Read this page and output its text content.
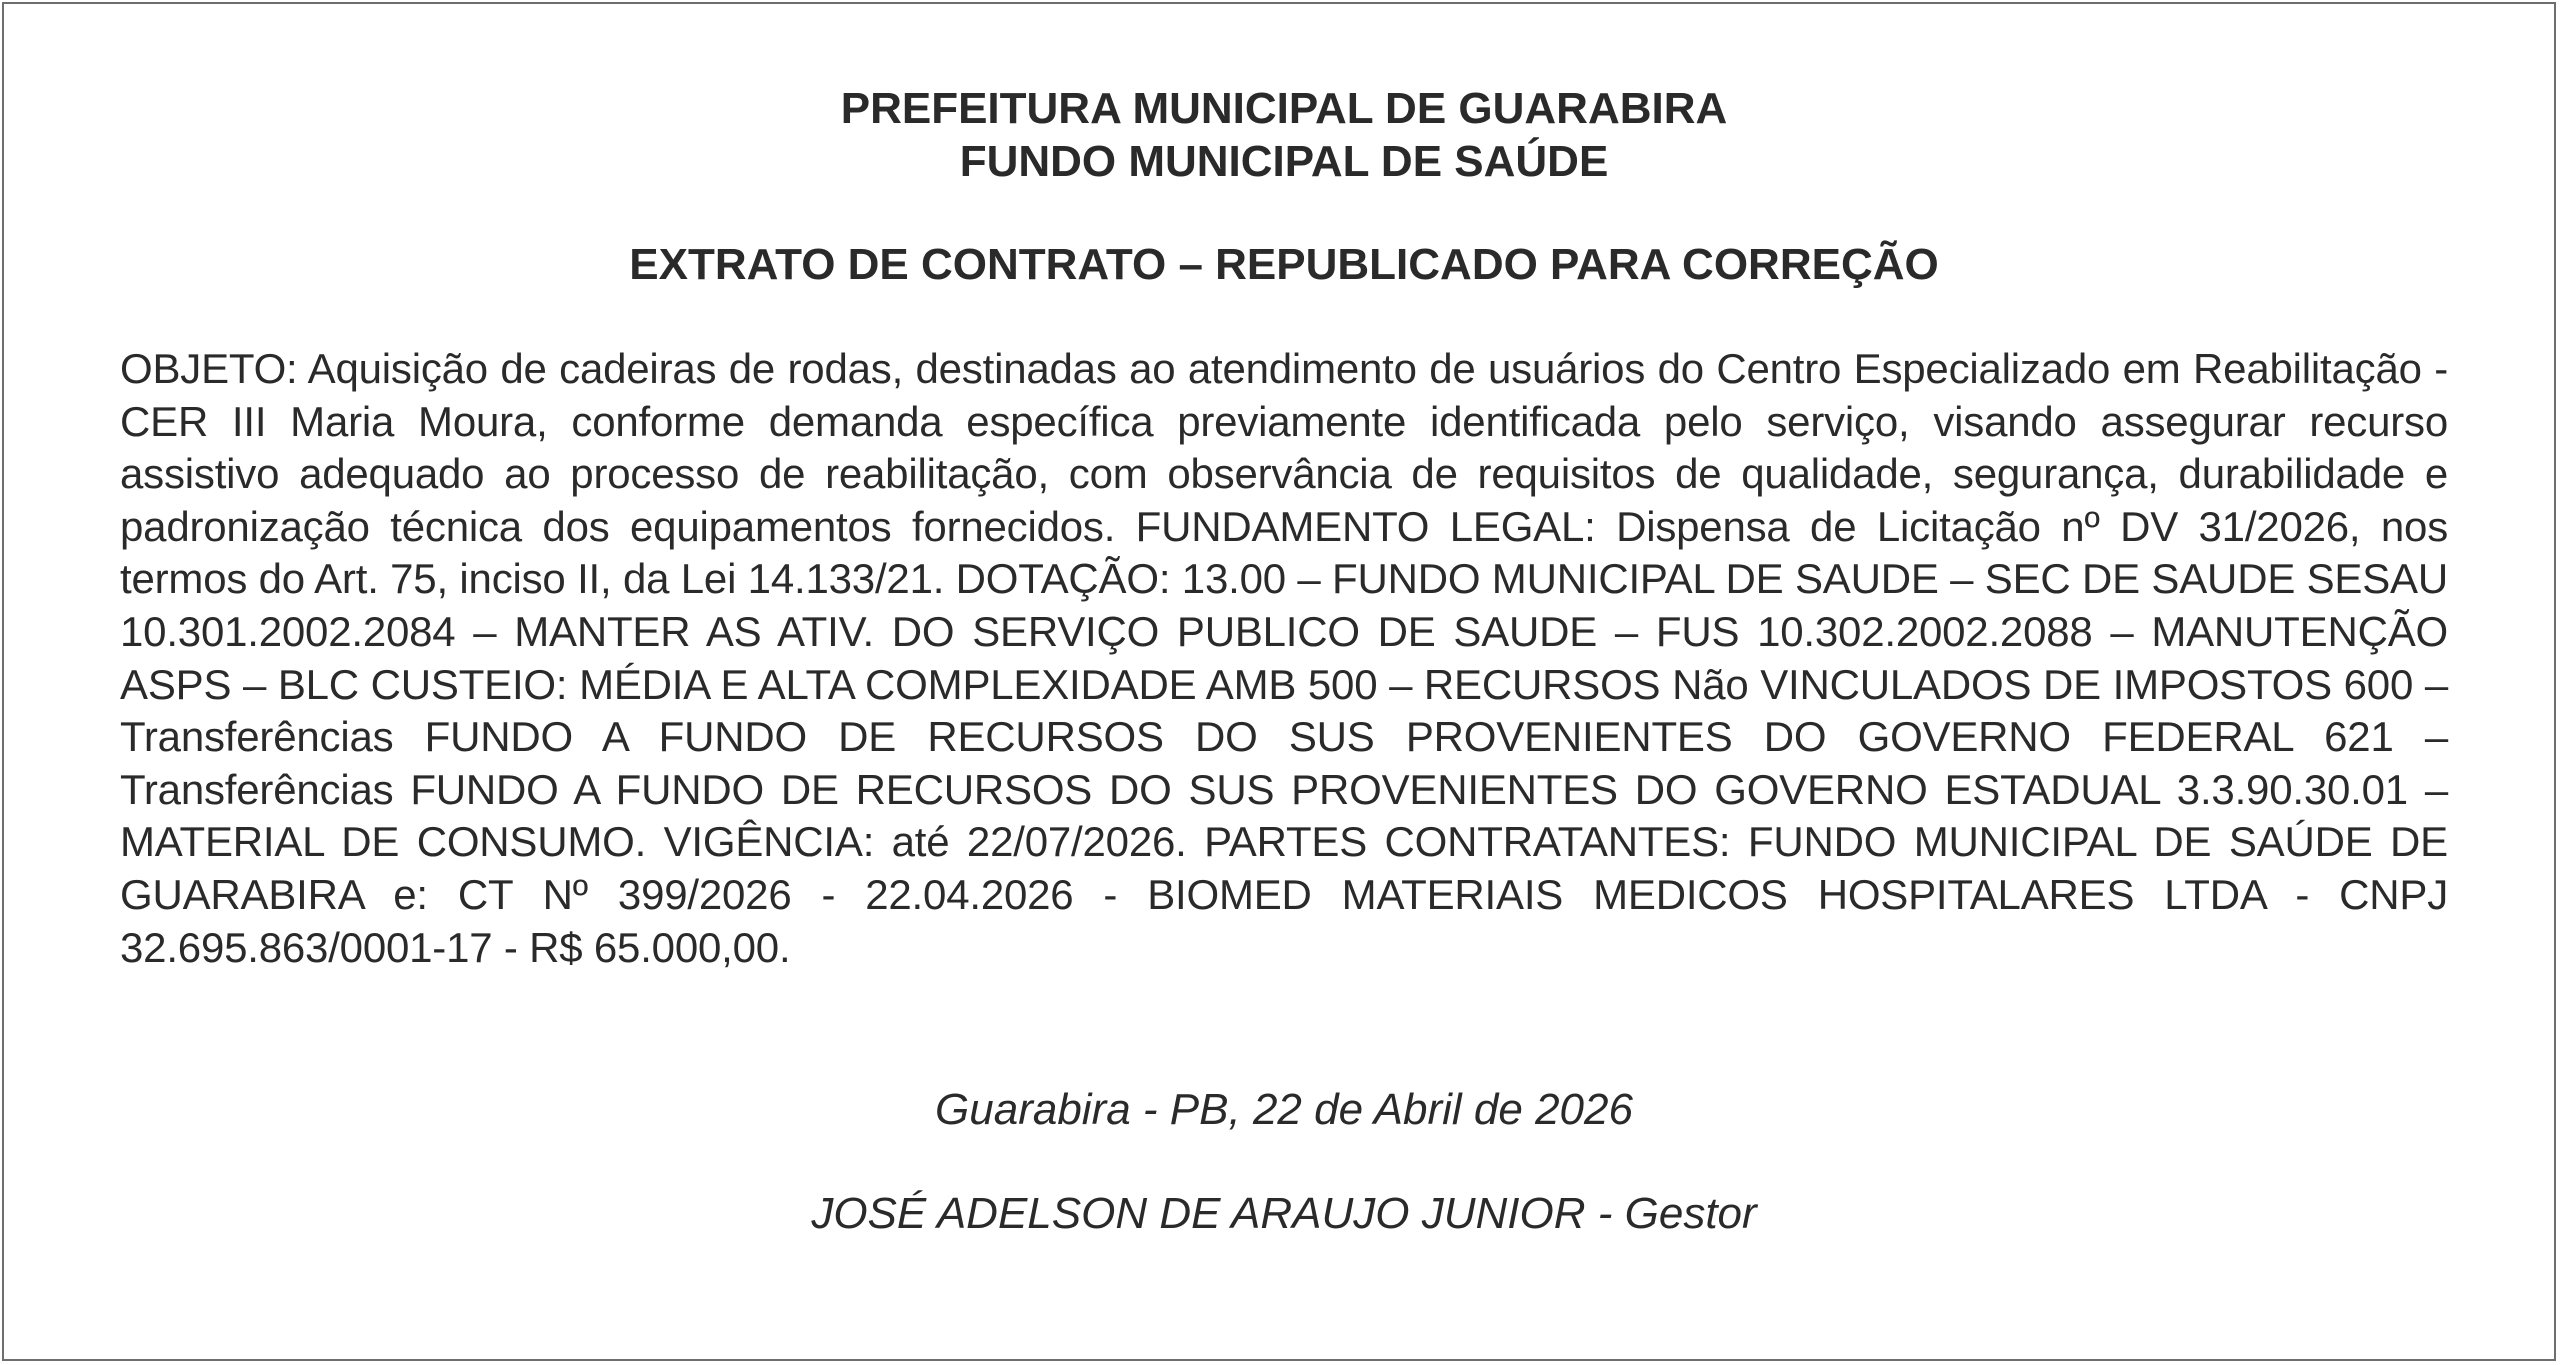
PREFEITURA MUNICIPAL DE GUARABIRA

FUNDO MUNICIPAL DE SAÚDE

EXTRATO DE CONTRATO – REPUBLICADO PARA CORREÇÃO

OBJETO: Aquisição de cadeiras de rodas, destinadas ao atendimento de usuários do Centro Especializado em Reabilitação - CER III Maria Moura, conforme demanda específica previamente identificada pelo serviço, visando assegurar recurso assistivo adequado ao processo de reabilitação, com observância de requisitos de qualidade, segurança, durabilidade e padronização técnica dos equipamentos fornecidos. FUNDAMENTO LEGAL: Dispensa de Licitação nº DV 31/2026, nos termos do Art. 75, inciso II, da Lei 14.133/21. DOTAÇÃO: 13.00 – FUNDO MUNICIPAL DE SAUDE – SEC DE SAUDE SESAU 10.301.2002.2084 – MANTER AS ATIV. DO SERVIÇO PUBLICO DE SAUDE – FUS 10.302.2002.2088 – MANUTENÇÃO ASPS – BLC CUSTEIO: MÉDIA E ALTA COMPLEXIDADE AMB 500 – RECURSOS Não VINCULADOS DE IMPOSTOS 600 – Transferências FUNDO A FUNDO DE RECURSOS DO SUS PROVENIENTES DO GOVERNO FEDERAL 621 – Transferências FUNDO A FUNDO DE RECURSOS DO SUS PROVENIENTES DO GOVERNO ESTADUAL 3.3.90.30.01 – MATERIAL DE CONSUMO. VIGÊNCIA: até 22/07/2026. PARTES CONTRATANTES: FUNDO MUNICIPAL DE SAÚDE DE GUARABIRA e: CT Nº 399/2026 - 22.04.2026 - BIOMED MATERIAIS MEDICOS HOSPITALARES LTDA - CNPJ 32.695.863/0001-17 - R$ 65.000,00.

Guarabira - PB, 22 de Abril de 2026

JOSÉ ADELSON DE ARAUJO JUNIOR - Gestor
